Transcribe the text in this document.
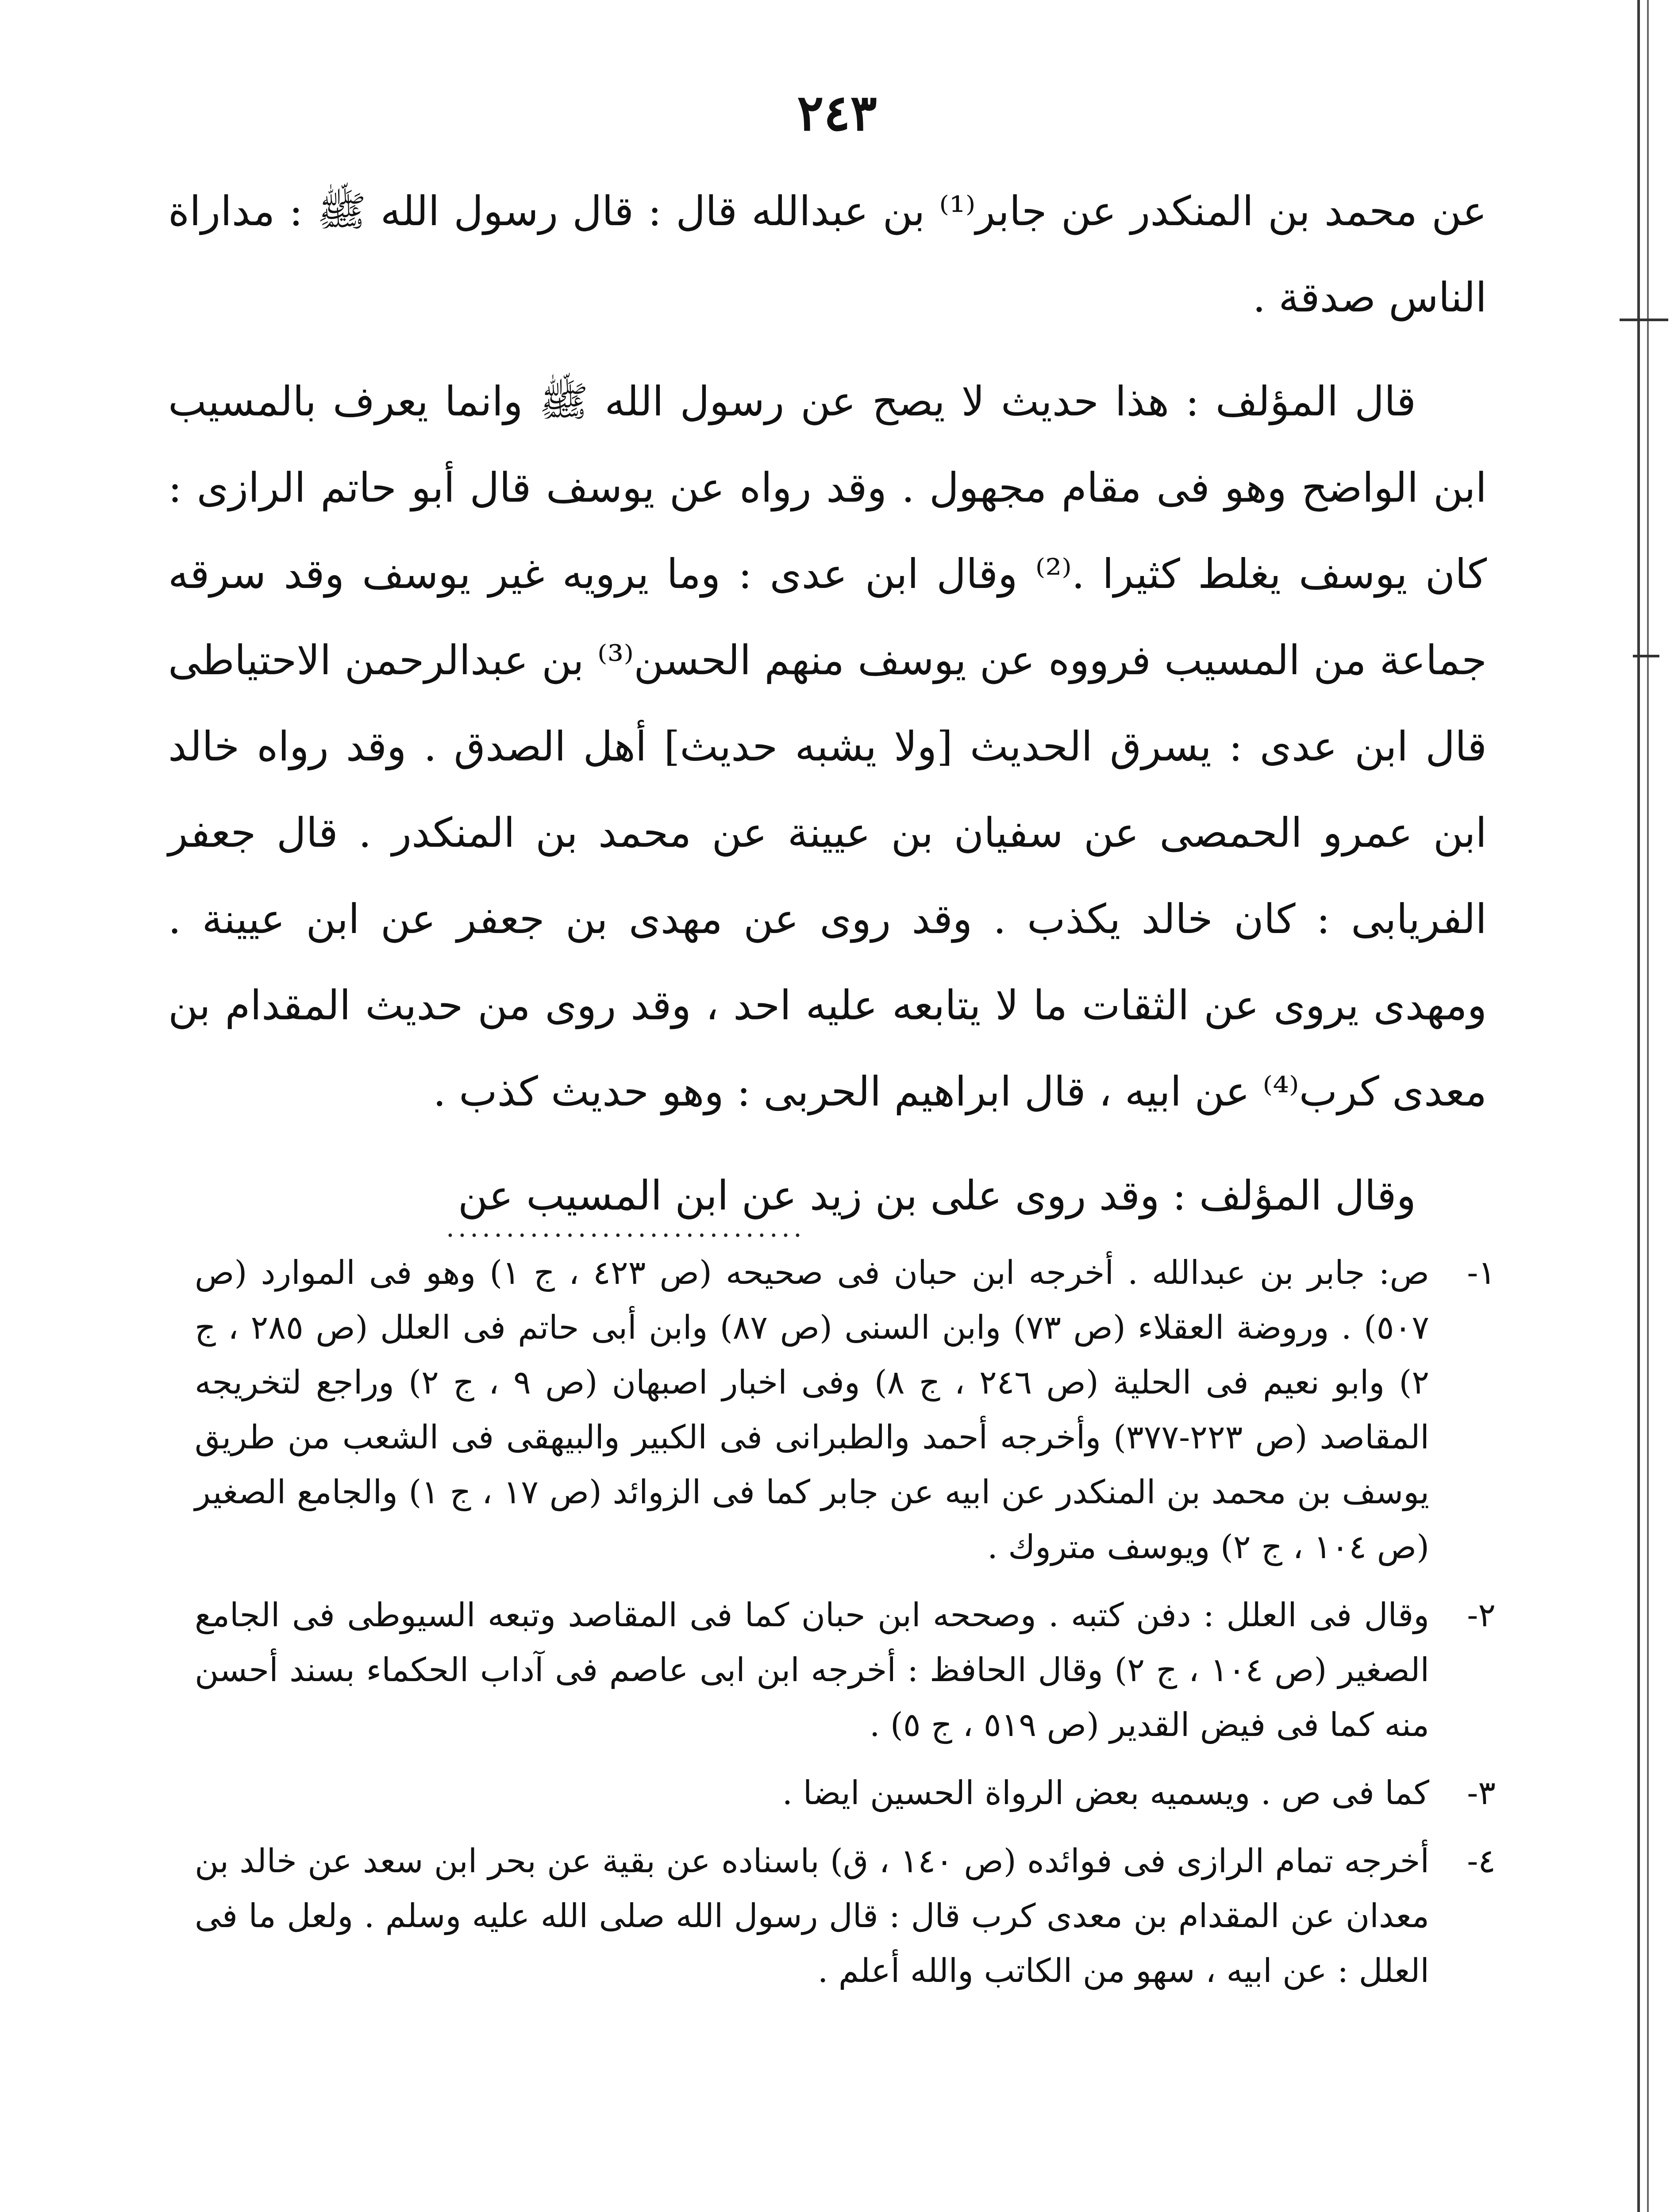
٢٤٣

عن محمد بن المنكدر عن جابر⁽¹⁾ بن عبدالله قال : قال رسول الله ﷺ : مداراة الناس صدقة .

قال المؤلف : هذا حديث لا يصح عن رسول الله ﷺ وانما يعرف بالمسيب ابن الواضح وهو فى مقام مجهول . وقد رواه عن يوسف قال أبو حاتم الرازى : كان يوسف يغلط كثيرا .⁽²⁾ وقال ابن عدى : وما يرويه غير يوسف وقد سرقه جماعة من المسيب فرووه عن يوسف منهم الحسن⁽³⁾ بن عبدالرحمن الاحتياطى قال ابن عدى : يسرق الحديث [ولا يشبه حديث] أهل الصدق . وقد رواه خالد ابن عمرو الحمصى عن سفيان بن عيينة عن محمد بن المنكدر . قال جعفر الفريابى : كان خالد يكذب . وقد روى عن مهدى بن جعفر عن ابن عيينة . ومهدى يروى عن الثقات ما لا يتابعه عليه احد ، وقد روى من حديث المقدام بن معدى كرب⁽⁴⁾ عن ابيه ، قال ابراهيم الحربى : وهو حديث كذب .

وقال المؤلف : وقد روى على بن زيد عن ابن المسيب عن

..............................
١-
ص: جابر بن عبدالله . أخرجه ابن حبان فى صحيحه (ص ٤٢٣ ، ج ١) وهو فى الموارد (ص ٥٠٧) . وروضة العقلاء (ص ٧٣) وابن السنى (ص ٨٧) وابن أبى حاتم فى العلل (ص ٢٨٥ ، ج ٢) وابو نعيم فى الحلية (ص ٢٤٦ ، ج ٨) وفى اخبار اصبهان (ص ٩ ، ج ٢) وراجع لتخريجه المقاصد (ص ٢٢٣-٣٧٧) وأخرجه أحمد والطبرانى فى الكبير والبيهقى فى الشعب من طريق يوسف بن محمد بن المنكدر عن ابيه عن جابر كما فى الزوائد (ص ١٧ ، ج ١) والجامع الصغير (ص ١٠٤ ، ج ٢) ويوسف متروك .
٢-
وقال فى العلل : دفن كتبه . وصححه ابن حبان كما فى المقاصد وتبعه السيوطى فى الجامع الصغير (ص ١٠٤ ، ج ٢) وقال الحافظ : أخرجه ابن ابى عاصم فى آداب الحكماء بسند أحسن منه كما فى فيض القدير (ص ٥١٩ ، ج ٥) .
٣-
كما فى ص . ويسميه بعض الرواة الحسين ايضا .
٤-
أخرجه تمام الرازى فى فوائده (ص ١٤٠ ، ق) باسناده عن بقية عن بحر ابن سعد عن خالد بن معدان عن المقدام بن معدى كرب قال : قال رسول الله صلى الله عليه وسلم . ولعل ما فى العلل : عن ابيه ، سهو من الكاتب والله أعلم .
